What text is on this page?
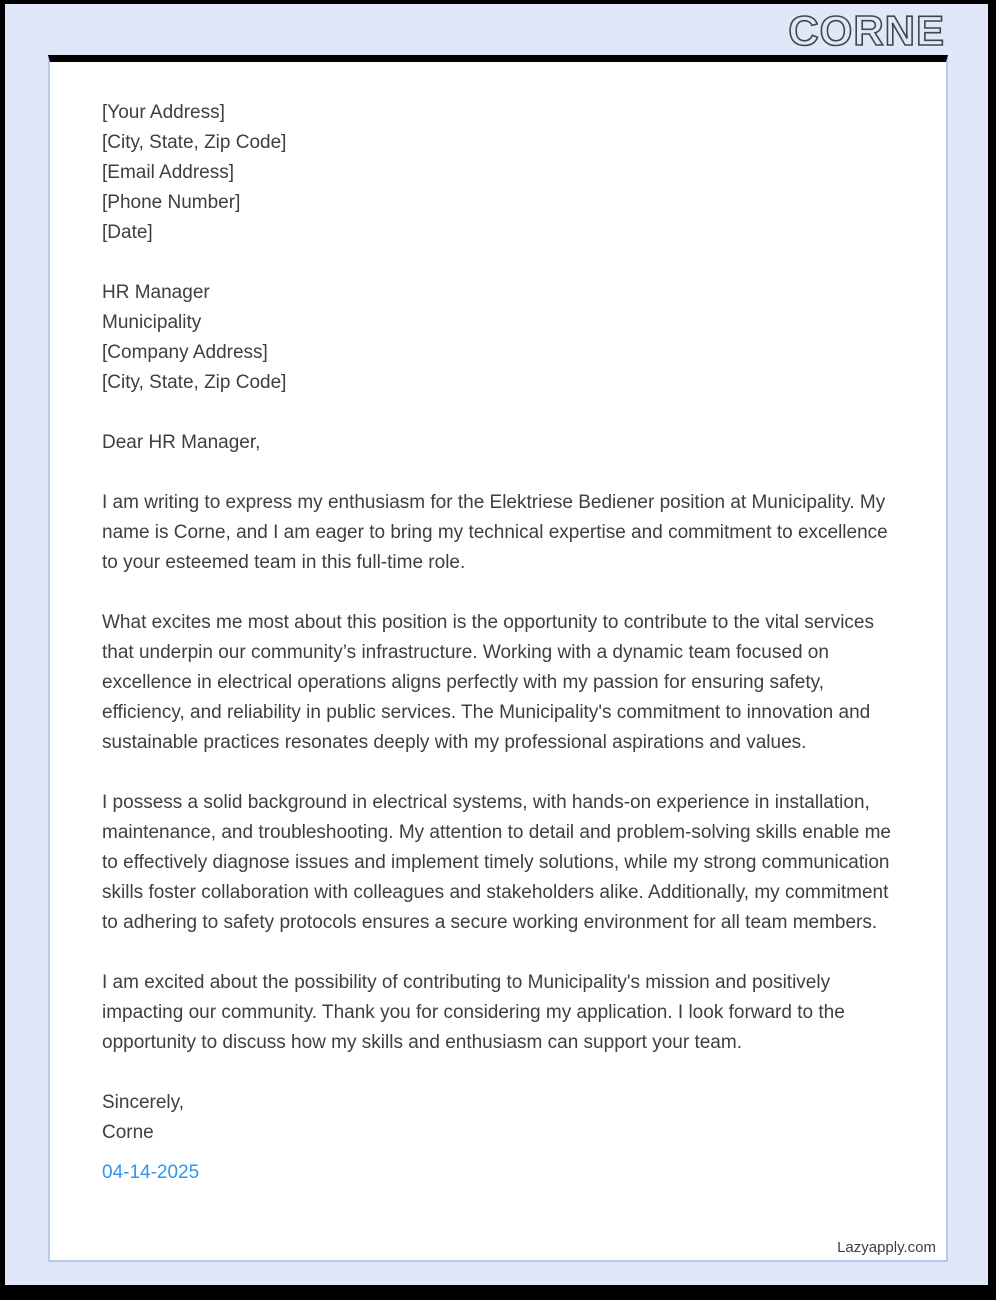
CORNE
[Your Address]
[City, State, Zip Code]
[Email Address]
[Phone Number]
[Date]
HR Manager
Municipality
[Company Address]
[City, State, Zip Code]
Dear HR Manager,

I am writing to express my enthusiasm for the Elektriese Bediener position at Municipality. My name is Corne, and I am eager to bring my technical expertise and commitment to excellence to your esteemed team in this full-time role.

What excites me most about this position is the opportunity to contribute to the vital services that underpin our community’s infrastructure. Working with a dynamic team focused on excellence in electrical operations aligns perfectly with my passion for ensuring safety, efficiency, and reliability in public services. The Municipality's commitment to innovation and sustainable practices resonates deeply with my professional aspirations and values.

I possess a solid background in electrical systems, with hands-on experience in installation, maintenance, and troubleshooting. My attention to detail and problem-solving skills enable me to effectively diagnose issues and implement timely solutions, while my strong communication skills foster collaboration with colleagues and stakeholders alike. Additionally, my commitment to adhering to safety protocols ensures a secure working environment for all team members.

I am excited about the possibility of contributing to Municipality's mission and positively impacting our community. Thank you for considering my application. I look forward to the opportunity to discuss how my skills and enthusiasm can support your team.

Sincerely,
Corne
04-14-2025
Lazyapply.com
